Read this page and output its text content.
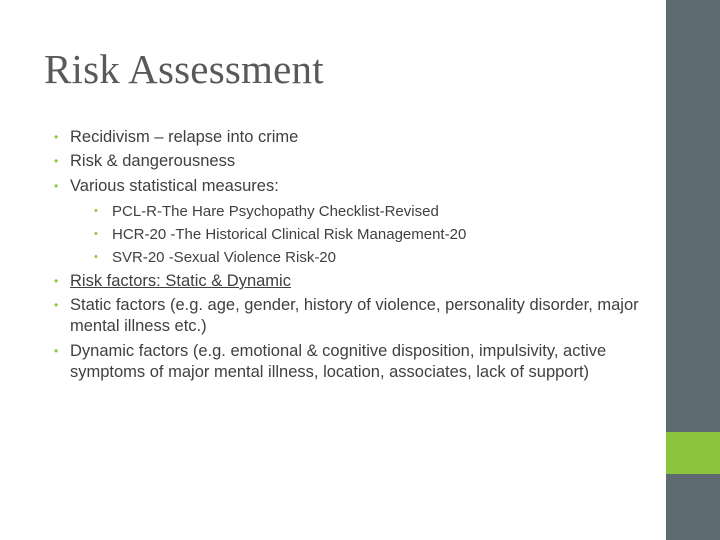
Risk Assessment
• Recidivism – relapse into crime
• Risk & dangerousness
• Various statistical measures:
• PCL-R-The Hare Psychopathy Checklist-Revised
• HCR-20 -The Historical Clinical Risk Management-20
• SVR-20 -Sexual Violence Risk-20
• Risk factors: Static & Dynamic
• Static factors (e.g. age, gender, history of violence, personality disorder, major mental illness etc.)
• Dynamic factors (e.g. emotional & cognitive disposition, impulsivity, active symptoms of major mental illness, location, associates, lack of support)
